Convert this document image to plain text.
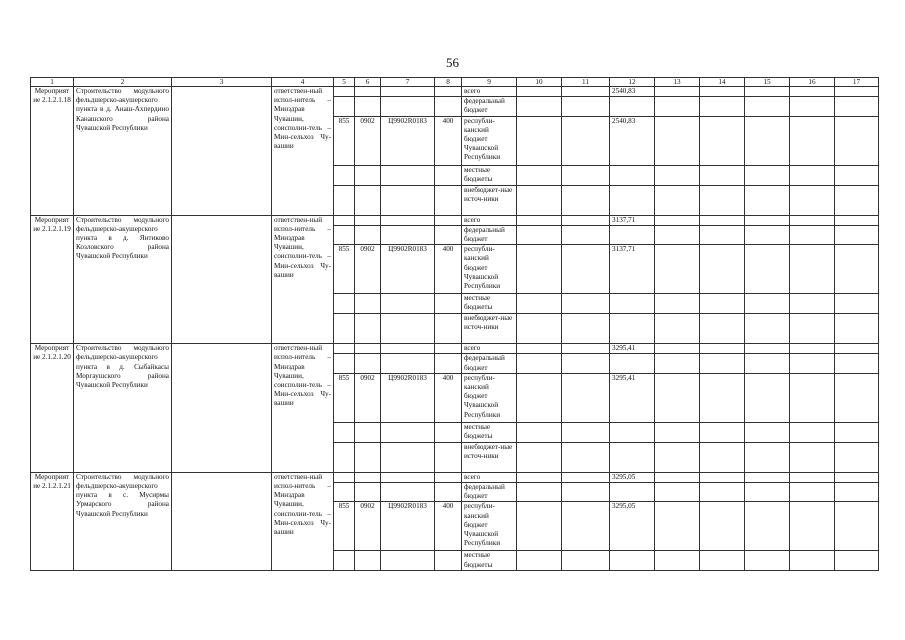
56
1	2	3	4	5	6	7	8	9	10	11	12	13	14	15	16	17
Мероприятие 2.1.2.1.18	Строительство модульного фельдшерско-акушерского пункта в д. Анаш-Ахпердино Канашского района Чувашской Республики		ответствен-ный испол-нитель – Минздрав Чувашии, соисполни-тель – Мин-сельхоз Чу-вашии					всего			2540,83					
								федеральный бюджет								
				855	0902	Ц9902R0183	400	республи-канский бюджет Чувашской Республики			2540,83					
								местные бюджеты								
								внебюджет-ные источ-ники								
Мероприятие 2.1.2.1.19	Строительство модульного фельдшерско-акушерского пункта в д. Янтиково Козловского района Чувашской Республики		ответствен-ный испол-нитель – Минздрав Чувашии, соисполни-тель – Мин-сельхоз Чу-вашии					всего			3137,71					
								федеральный бюджет								
				855	0902	Ц9902R0183	400	республи-канский бюджет Чувашской Республики			3137,71					
								местные бюджеты								
								внебюджет-ные источ-ники								
Мероприятие 2.1.2.1.20	Строительство модульного фельдшерско-акушерского пункта в д. Сыбайкасы Моргаушского района Чувашской Республики		ответствен-ный испол-нитель – Минздрав Чувашии, соисполни-тель – Мин-сельхоз Чу-вашии					всего			3295,41					
								федеральный бюджет								
				855	0902	Ц9902R0183	400	республи-канский бюджет Чувашской Республики			3295,41					
								местные бюджеты								
								внебюджет-ные источ-ники								
Мероприятие 2.1.2.1.21	Строительство модульного фельдшерско-акушерского пункта в с. Мусирмы Урмарского района Чувашской Республики		ответствен-ный испол-нитель – Минздрав Чувашии, соисполни-тель – Мин-сельхоз Чу-вашии					всего			3295,05					
								федеральный бюджет								
				855	0902	Ц9902R0183	400	республи-канский бюджет Чувашской Республики			3295,05					
								местные бюджеты								
